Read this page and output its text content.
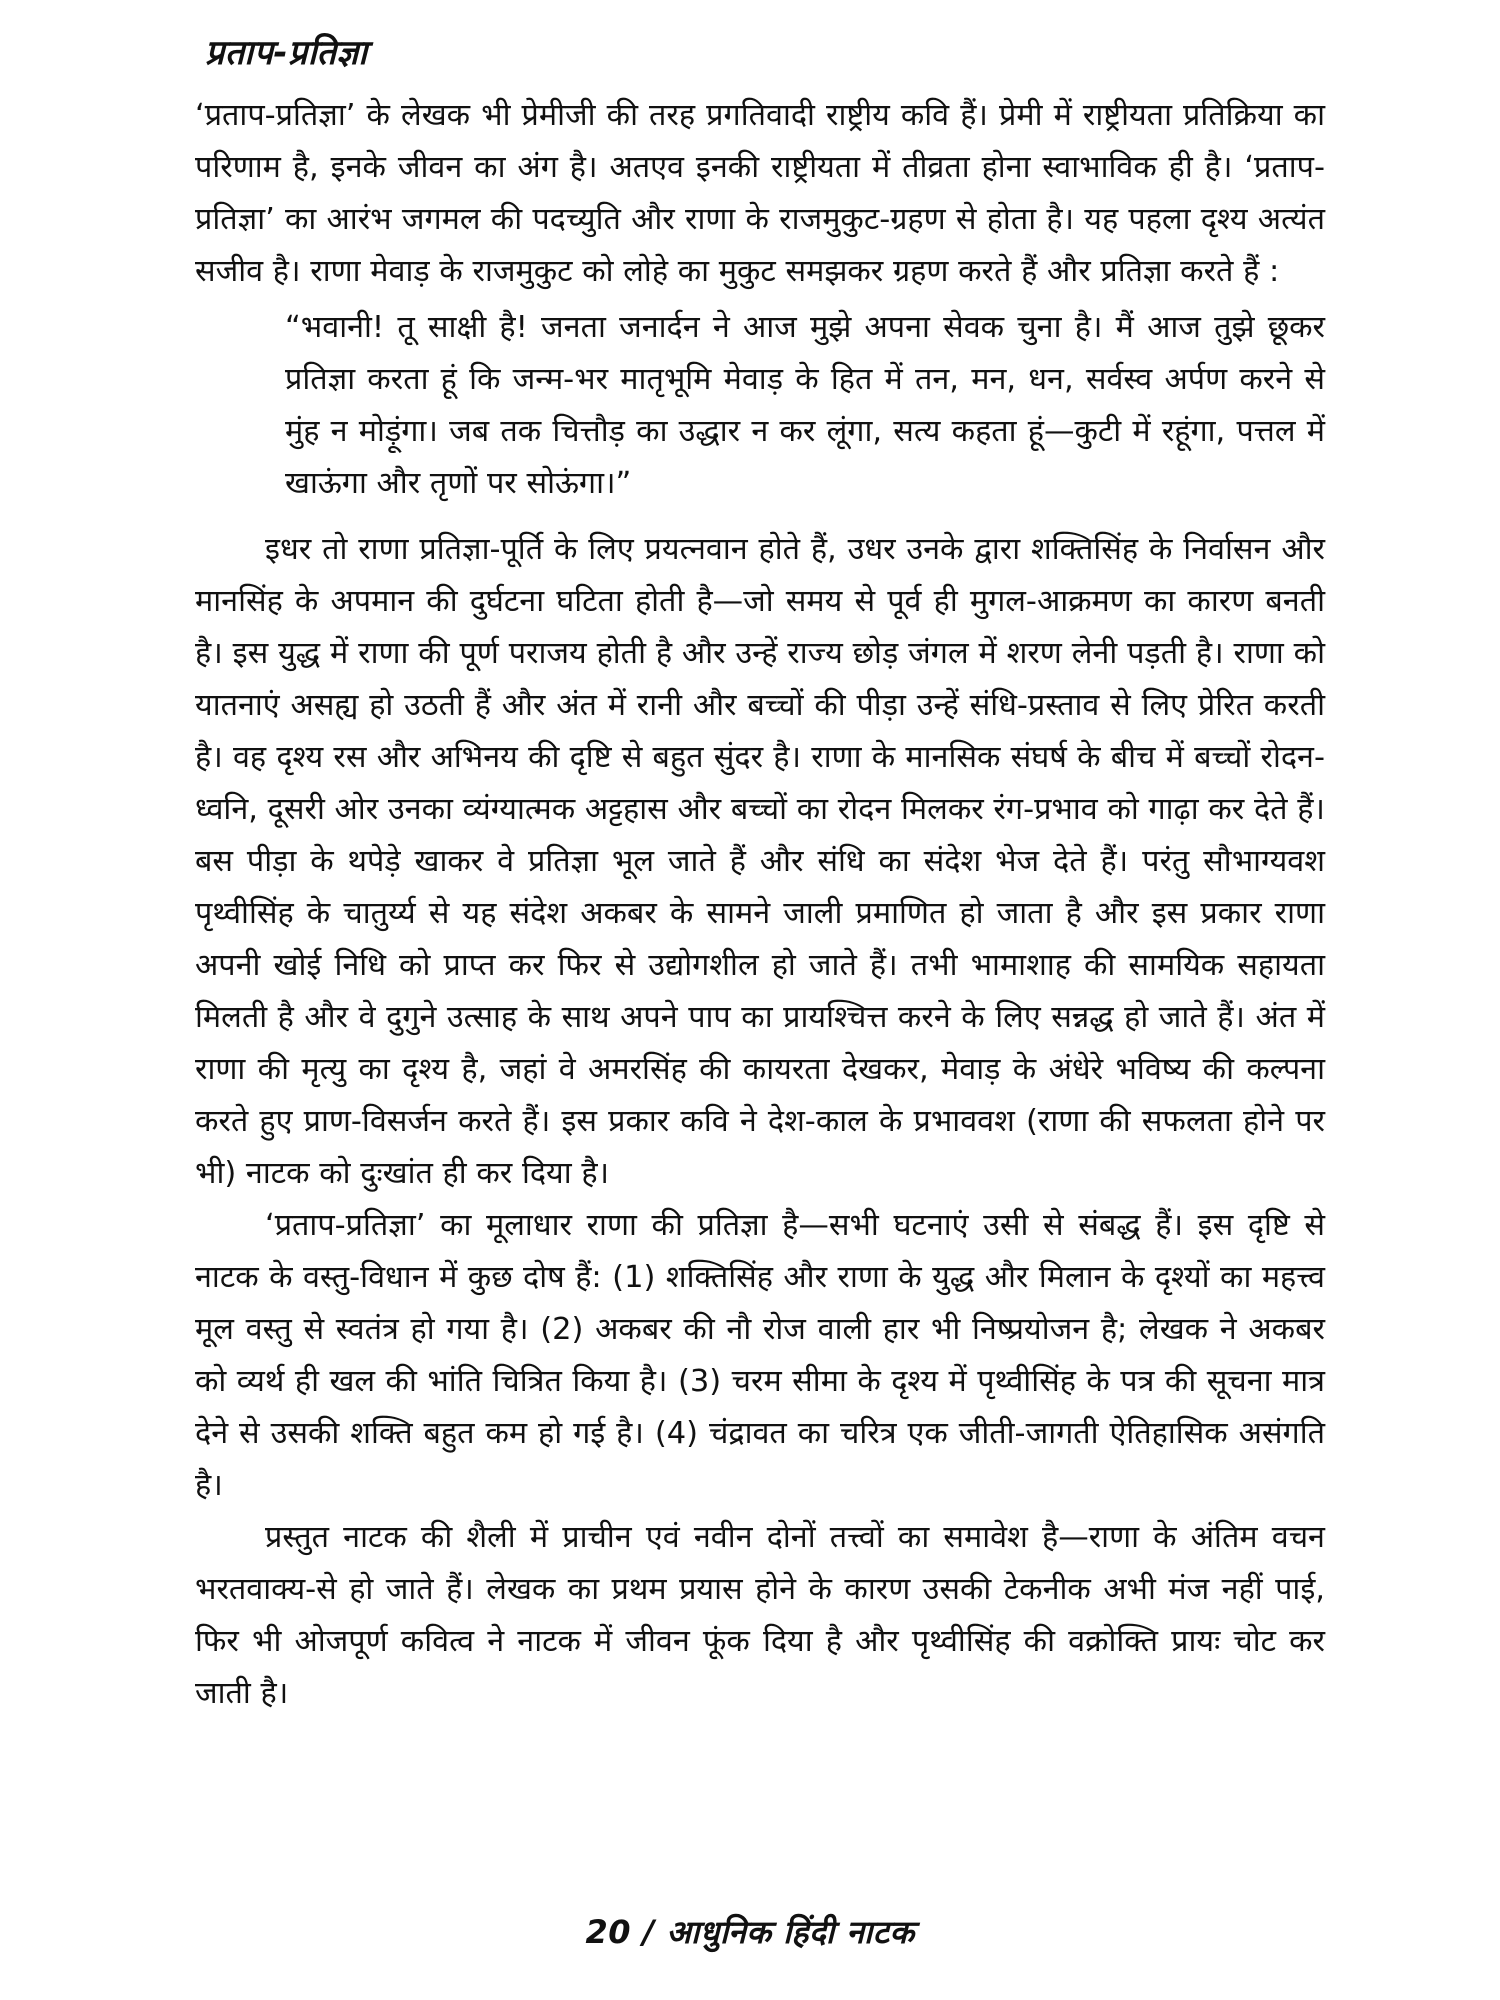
प्रताप-प्रतिज्ञा

‘प्रताप-प्रतिज्ञा’ के लेखक भी प्रेमीजी की तरह प्रगतिवादी राष्ट्रीय कवि हैं। प्रेमी में राष्ट्रीयता प्रतिक्रिया का परिणाम है, इनके जीवन का अंग है। अतएव इनकी राष्ट्रीयता में तीव्रता होना स्वाभाविक ही है। ‘प्रताप-प्रतिज्ञा’ का आरंभ जगमल की पदच्युति और राणा के राजमुकुट-ग्रहण से होता है। यह पहला दृश्य अत्यंत सजीव है। राणा मेवाड़ के राजमुकुट को लोहे का मुकुट समझकर ग्रहण करते हैं और प्रतिज्ञा करते हैं :

“भवानी! तू साक्षी है! जनता जनार्दन ने आज मुझे अपना सेवक चुना है। मैं आज तुझे छूकर प्रतिज्ञा करता हूं कि जन्म-भर मातृभूमि मेवाड़ के हित में तन, मन, धन, सर्वस्व अर्पण करने से मुंह न मोड़ूंगा। जब तक चित्तौड़ का उद्धार न कर लूंगा, सत्य कहता हूं—कुटी में रहूंगा, पत्तल में खाऊंगा और तृणों पर सोऊंगा।”

इधर तो राणा प्रतिज्ञा-पूर्ति के लिए प्रयत्नवान होते हैं, उधर उनके द्वारा शक्तिसिंह के निर्वासन और मानसिंह के अपमान की दुर्घटना घटिता होती है—जो समय से पूर्व ही मुगल-आक्रमण का कारण बनती है। इस युद्ध में राणा की पूर्ण पराजय होती है और उन्हें राज्य छोड़ जंगल में शरण लेनी पड़ती है। राणा को यातनाएं असह्य हो उठती हैं और अंत में रानी और बच्चों की पीड़ा उन्हें संधि-प्रस्ताव से लिए प्रेरित करती है। वह दृश्य रस और अभिनय की दृष्टि से बहुत सुंदर है। राणा के मानसिक संघर्ष के बीच में बच्चों रोदन-ध्वनि, दूसरी ओर उनका व्यंग्यात्मक अट्टहास और बच्चों का रोदन मिलकर रंग-प्रभाव को गाढ़ा कर देते हैं। बस पीड़ा के थपेड़े खाकर वे प्रतिज्ञा भूल जाते हैं और संधि का संदेश भेज देते हैं। परंतु सौभाग्यवश पृथ्वीसिंह के चातुर्य्य से यह संदेश अकबर के सामने जाली प्रमाणित हो जाता है और इस प्रकार राणा अपनी खोई निधि को प्राप्त कर फिर से उद्योगशील हो जाते हैं। तभी भामाशाह की सामयिक सहायता मिलती है और वे दुगुने उत्साह के साथ अपने पाप का प्रायश्चित्त करने के लिए सन्नद्ध हो जाते हैं। अंत में राणा की मृत्यु का दृश्य है, जहां वे अमरसिंह की कायरता देखकर, मेवाड़ के अंधेरे भविष्य की कल्पना करते हुए प्राण-विसर्जन करते हैं। इस प्रकार कवि ने देश-काल के प्रभाववश (राणा की सफलता होने पर भी) नाटक को दुःखांत ही कर दिया है।

‘प्रताप-प्रतिज्ञा’ का मूलाधार राणा की प्रतिज्ञा है—सभी घटनाएं उसी से संबद्ध हैं। इस दृष्टि से नाटक के वस्तु-विधान में कुछ दोष हैं: (1) शक्तिसिंह और राणा के युद्ध और मिलान के दृश्यों का महत्त्व मूल वस्तु से स्वतंत्र हो गया है। (2) अकबर की नौ रोज वाली हार भी निष्प्रयोजन है; लेखक ने अकबर को व्यर्थ ही खल की भांति चित्रित किया है। (3) चरम सीमा के दृश्य में पृथ्वीसिंह के पत्र की सूचना मात्र देने से उसकी शक्ति बहुत कम हो गई है। (4) चंद्रावत का चरित्र एक जीती-जागती ऐतिहासिक असंगति है।

प्रस्तुत नाटक की शैली में प्राचीन एवं नवीन दोनों तत्त्वों का समावेश है—राणा के अंतिम वचन भरतवाक्य-से हो जाते हैं। लेखक का प्रथम प्रयास होने के कारण उसकी टेकनीक अभी मंज नहीं पाई, फिर भी ओजपूर्ण कवित्व ने नाटक में जीवन फूंक दिया है और पृथ्वीसिंह की वक्रोक्ति प्रायः चोट कर जाती है।

20 / आधुनिक हिंदी नाटक
